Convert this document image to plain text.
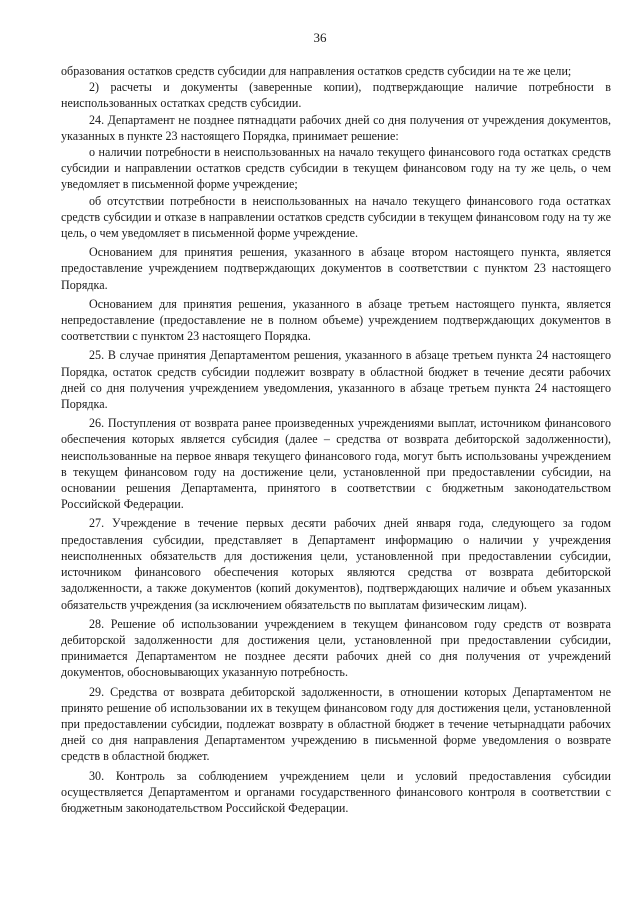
36

образования остатков средств субсидии для направления остатков средств субсидии на те же цели;

2) расчеты и документы (заверенные копии), подтверждающие наличие потребности в неиспользованных остатках средств субсидии.

24. Департамент не позднее пятнадцати рабочих дней со дня получения от учреждения документов, указанных в пункте 23 настоящего Порядка, принимает решение:

о наличии потребности в неиспользованных на начало текущего финансового года остатках средств субсидии и направлении остатков средств субсидии в текущем финансовом году на ту же цель, о чем уведомляет в письменной форме учреждение;

об отсутствии потребности в неиспользованных на начало текущего финансового года остатках средств субсидии и отказе в направлении остатков средств субсидии в текущем финансовом году на ту же цель, о чем уведомляет в письменной форме учреждение.

Основанием для принятия решения, указанного в абзаце втором настоящего пункта, является предоставление учреждением подтверждающих документов в соответствии с пунктом 23 настоящего Порядка.

Основанием для принятия решения, указанного в абзаце третьем настоящего пункта, является непредоставление (предоставление не в полном объеме) учреждением подтверждающих документов в соответствии с пунктом 23 настоящего Порядка.

25. В случае принятия Департаментом решения, указанного в абзаце третьем пункта 24 настоящего Порядка, остаток средств субсидии подлежит возврату в областной бюджет в течение десяти рабочих дней со дня получения учреждением уведомления, указанного в абзаце третьем пункта 24 настоящего Порядка.

26. Поступления от возврата ранее произведенных учреждениями выплат, источником финансового обеспечения которых является субсидия (далее – средства от возврата дебиторской задолженности), неиспользованные на первое января текущего финансового года, могут быть использованы учреждением в текущем финансовом году на достижение цели, установленной при предоставлении субсидии, на основании решения Департамента, принятого в соответствии с бюджетным законодательством Российской Федерации.

27. Учреждение в течение первых десяти рабочих дней января года, следующего за годом предоставления субсидии, представляет в Департамент информацию о наличии у учреждения неисполненных обязательств для достижения цели, установленной при предоставлении субсидии, источником финансового обеспечения которых являются средства от возврата дебиторской задолженности, а также документов (копий документов), подтверждающих наличие и объем указанных обязательств учреждения (за исключением обязательств по выплатам физическим лицам).

28. Решение об использовании учреждением в текущем финансовом году средств от возврата дебиторской задолженности для достижения цели, установленной при предоставлении субсидии, принимается Департаментом не позднее десяти рабочих дней со дня получения от учреждений документов, обосновывающих указанную потребность.

29. Средства от возврата дебиторской задолженности, в отношении которых Департаментом не принято решение об использовании их в текущем финансовом году для достижения цели, установленной при предоставлении субсидии, подлежат возврату в областной бюджет в течение четырнадцати рабочих дней со дня направления Департаментом учреждению в письменной форме уведомления о возврате средств в областной бюджет.

30. Контроль за соблюдением учреждением цели и условий предоставления субсидии осуществляется Департаментом и органами государственного финансового контроля в соответствии с бюджетным законодательством Российской Федерации.
